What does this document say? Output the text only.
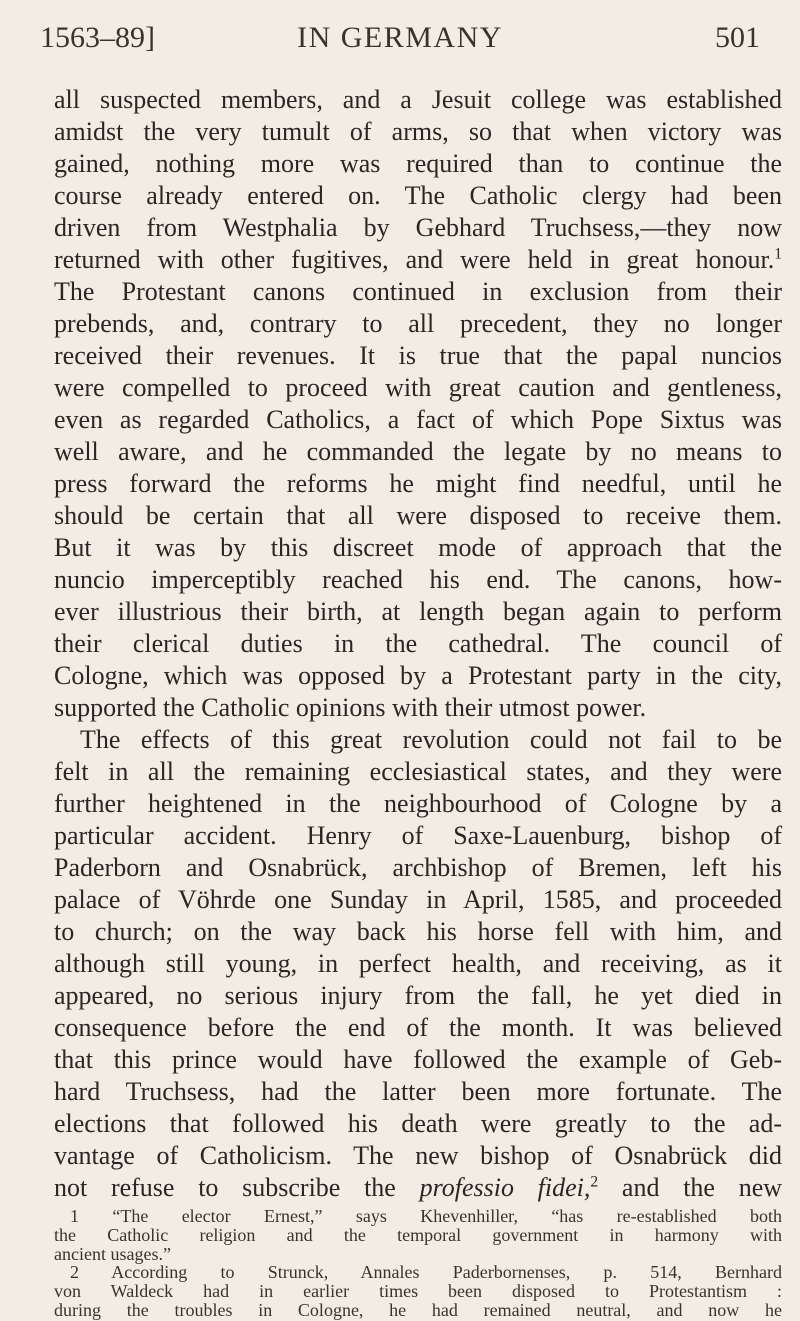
1563–89]	IN GERMANY	501
all suspected members, and a Jesuit college was established
amidst the very tumult of arms, so that when victory was
gained, nothing more was required than to continue the
course already entered on. The Catholic clergy had been
driven from Westphalia by Gebhard Truchsess,—they now
returned with other fugitives, and were held in great honour.$^1$
The Protestant canons continued in exclusion from their
prebends, and, contrary to all precedent, they no longer
received their revenues. It is true that the papal nuncios
were compelled to proceed with great caution and gentleness,
even as regarded Catholics, a fact of which Pope Sixtus was
well aware, and he commanded the legate by no means to
press forward the reforms he might find needful, until he
should be certain that all were disposed to receive them.
But it was by this discreet mode of approach that the
nuncio imperceptibly reached his end. The canons, how-
ever illustrious their birth, at length began again to perform
their clerical duties in the cathedral. The council of
Cologne, which was opposed by a Protestant party in the city,
supported the Catholic opinions with their utmost power.
The effects of this great revolution could not fail to be
felt in all the remaining ecclesiastical states, and they were
further heightened in the neighbourhood of Cologne by a
particular accident. Henry of Saxe-Lauenburg, bishop of
Paderborn and Osnabrück, archbishop of Bremen, left his
palace of Vöhrde one Sunday in April, 1585, and proceeded
to church; on the way back his horse fell with him, and
although still young, in perfect health, and receiving, as it
appeared, no serious injury from the fall, he yet died in
consequence before the end of the month. It was believed
that this prince would have followed the example of Geb-
hard Truchsess, had the latter been more fortunate. The
elections that followed his death were greatly to the ad-
vantage of Catholicism. The new bishop of Osnabrück did
not refuse to subscribe the professio fidei,$^2$ and the new
1 “The elector Ernest,” says Khevenhiller, “has re-established both
the Catholic religion and the temporal government in harmony with
ancient usages.”
2 According to Strunck, Annales Paderbornenses, p. 514, Bernhard
von Waldeck had in earlier times been disposed to Protestantism :
during the troubles in Cologne, he had remained neutral, and now he
